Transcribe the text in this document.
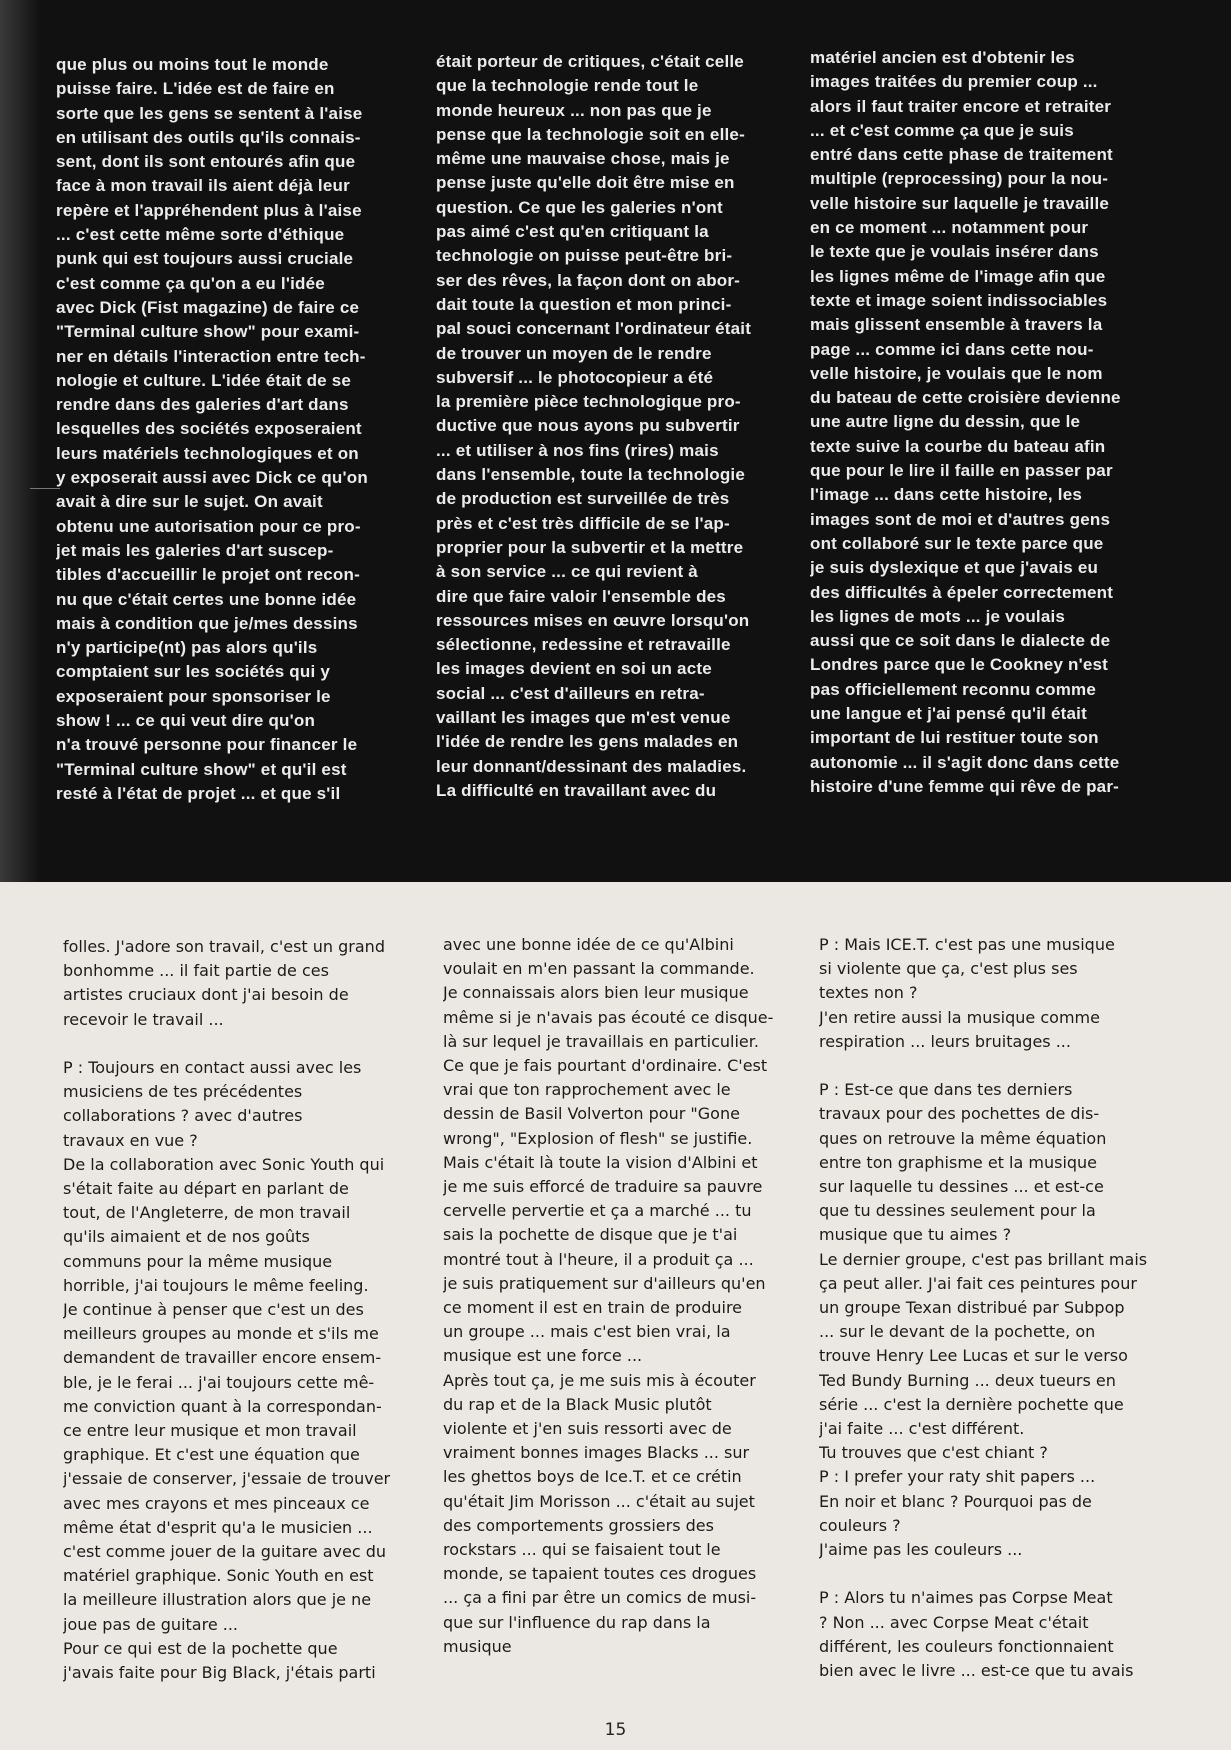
que plus ou moins tout le monde
puisse faire. L'idée est de faire en
sorte que les gens se sentent à l'aise
en utilisant des outils qu'ils connais-
sent, dont ils sont entourés afin que
face à mon travail ils aient déjà leur
repère et l'appréhendent plus à l'aise
... c'est cette même sorte d'éthique
punk qui est toujours aussi cruciale
c'est comme ça qu'on a eu l'idée
avec Dick (Fist magazine) de faire ce
"Terminal culture show" pour exami-
ner en détails l'interaction entre tech-
nologie et culture. L'idée était de se
rendre dans des galeries d'art dans
lesquelles des sociétés exposeraient
leurs matériels technologiques et on
y exposerait aussi avec Dick ce qu'on
avait à dire sur le sujet. On avait
obtenu une autorisation pour ce pro-
jet mais les galeries d'art suscep-
tibles d'accueillir le projet ont recon-
nu que c'était certes une bonne idée
mais à condition que je/mes dessins
n'y participe(nt) pas alors qu'ils
comptaient sur les sociétés qui y
exposeraient pour sponsoriser le
show ! ... ce qui veut dire qu'on
n'a trouvé personne pour financer le
"Terminal culture show" et qu'il est
resté à l'état de projet ... et que s'il

était porteur de critiques, c'était celle
que la technologie rende tout le
monde heureux ... non pas que je
pense que la technologie soit en elle-
même une mauvaise chose, mais je
pense juste qu'elle doit être mise en
question. Ce que les galeries n'ont
pas aimé c'est qu'en critiquant la
technologie on puisse peut-être bri-
ser des rêves, la façon dont on abor-
dait toute la question et mon princi-
pal souci concernant l'ordinateur était
de trouver un moyen de le rendre
subversif ... le photocopieur a été
la première pièce technologique pro-
ductive que nous ayons pu subvertir
... et utiliser à nos fins (rires) mais
dans l'ensemble, toute la technologie
de production est surveillée de très
près et c'est très difficile de se l'ap-
proprier pour la subvertir et la mettre
à son service ... ce qui revient à
dire que faire valoir l'ensemble des
ressources mises en œuvre lorsqu'on
sélectionne, redessine et retravaille
les images devient en soi un acte
social ... c'est d'ailleurs en retra-
vaillant les images que m'est venue
l'idée de rendre les gens malades en
leur donnant/dessinant des maladies.
La difficulté en travaillant avec du

matériel ancien est d'obtenir les
images traitées du premier coup ...
alors il faut traiter encore et retraiter
... et c'est comme ça que je suis
entré dans cette phase de traitement
multiple (reprocessing) pour la nou-
velle histoire sur laquelle je travaille
en ce moment ... notamment pour
le texte que je voulais insérer dans
les lignes même de l'image afin que
texte et image soient indissociables
mais glissent ensemble à travers la
page ... comme ici dans cette nou-
velle histoire, je voulais que le nom
du bateau de cette croisière devienne
une autre ligne du dessin, que le
texte suive la courbe du bateau afin
que pour le lire il faille en passer par
l'image ... dans cette histoire, les
images sont de moi et d'autres gens
ont collaboré sur le texte parce que
je suis dyslexique et que j'avais eu
des difficultés à épeler correctement
les lignes de mots ... je voulais
aussi que ce soit dans le dialecte de
Londres parce que le Cookney n'est
pas officiellement reconnu comme
une langue et j'ai pensé qu'il était
important de lui restituer toute son
autonomie ... il s'agit donc dans cette
histoire d'une femme qui rêve de par-

folles. J'adore son travail, c'est un grand
bonhomme ... il fait partie de ces
artistes cruciaux dont j'ai besoin de
recevoir le travail ...

P : Toujours en contact aussi avec les
musiciens de tes précédentes
collaborations ? avec d'autres
travaux en vue ?
De la collaboration avec Sonic Youth qui
s'était faite au départ en parlant de
tout, de l'Angleterre, de mon travail
qu'ils aimaient et de nos goûts
communs pour la même musique
horrible, j'ai toujours le même feeling.
Je continue à penser que c'est un des
meilleurs groupes au monde et s'ils me
demandent de travailler encore ensem-
ble, je le ferai ... j'ai toujours cette mê-
me conviction quant à la correspondan-
ce entre leur musique et mon travail
graphique. Et c'est une équation que
j'essaie de conserver, j'essaie de trouver
avec mes crayons et mes pinceaux ce
même état d'esprit qu'a le musicien ...
c'est comme jouer de la guitare avec du
matériel graphique. Sonic Youth en est
la meilleure illustration alors que je ne
joue pas de guitare ...
Pour ce qui est de la pochette que
j'avais faite pour Big Black, j'étais parti

avec une bonne idée de ce qu'Albini
voulait en m'en passant la commande.
Je connaissais alors bien leur musique
même si je n'avais pas écouté ce disque-
là sur lequel je travaillais en particulier.
Ce que je fais pourtant d'ordinaire. C'est
vrai que ton rapprochement avec le
dessin de Basil Volverton pour "Gone
wrong", "Explosion of flesh" se justifie.
Mais c'était là toute la vision d'Albini et
je me suis efforcé de traduire sa pauvre
cervelle pervertie et ça a marché ... tu
sais la pochette de disque que je t'ai
montré tout à l'heure, il a produit ça ...
je suis pratiquement sur d'ailleurs qu'en
ce moment il est en train de produire
un groupe ... mais c'est bien vrai, la
musique est une force ...
Après tout ça, je me suis mis à écouter
du rap et de la Black Music plutôt
violente et j'en suis ressorti avec de
vraiment bonnes images Blacks ... sur
les ghettos boys de Ice.T. et ce crétin
qu'était Jim Morisson ... c'était au sujet
des comportements grossiers des
rockstars ... qui se faisaient tout le
monde, se tapaient toutes ces drogues
... ça a fini par être un comics de musi-
que sur l'influence du rap dans la
musique

P : Mais ICE.T. c'est pas une musique
si violente que ça, c'est plus ses
textes non ?
J'en retire aussi la musique comme
respiration ... leurs bruitages ...

P : Est-ce que dans tes derniers
travaux pour des pochettes de dis-
ques on retrouve la même équation
entre ton graphisme et la musique
sur laquelle tu dessines ... et est-ce
que tu dessines seulement pour la
musique que tu aimes ?
Le dernier groupe, c'est pas brillant mais
ça peut aller. J'ai fait ces peintures pour
un groupe Texan distribué par Subpop
... sur le devant de la pochette, on
trouve Henry Lee Lucas et sur le verso
Ted Bundy Burning ... deux tueurs en
série ... c'est la dernière pochette que
j'ai faite ... c'est différent.
Tu trouves que c'est chiant ?
P : I prefer your raty shit papers ...
En noir et blanc ? Pourquoi pas de
couleurs ?
J'aime pas les couleurs ...

P : Alors tu n'aimes pas Corpse Meat
? Non ... avec Corpse Meat c'était
différent, les couleurs fonctionnaient
bien avec le livre ... est-ce que tu avais

15
